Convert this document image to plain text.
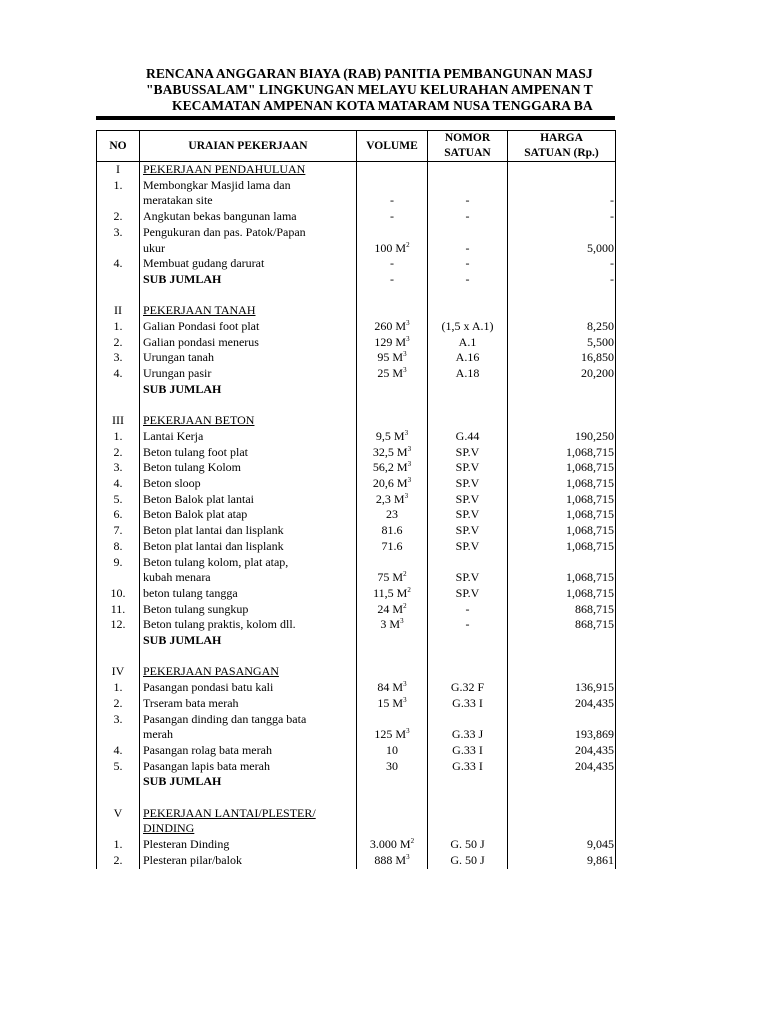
RENCANA ANGGARAN BIAYA (RAB) PANITIA PEMBANGUNAN MASJ
"BABUSSALAM" LINGKUNGAN MELAYU KELURAHAN AMPENAN T
KECAMATAN AMPENAN KOTA MATARAM NUSA TENGGARA BA
NO	URAIAN PEKERJAAN	VOLUME	NOMOR
SATUAN	HARGA
SATUAN (Rp.)
I	PEKERJAAN PENDAHULUAN			
1.	Membongkar Masjid lama dan			
	meratakan site	-	-	-
2.	Angkutan bekas bangunan lama	-	-	-
3.	Pengukuran dan pas. Patok/Papan			
	ukur	100 $M^2$	-	5,000
4.	Membuat gudang darurat	-	-	-
	SUB JUMLAH	-	-	-

II	PEKERJAAN TANAH			
1.	Galian Pondasi foot plat	260 $M^3$	(1,5 x A.1)	8,250
2.	Galian pondasi menerus	129 $M^3$	A.1	5,500
3.	Urungan tanah	95 $M^3$	A.16	16,850
4.	Urungan pasir	25 $M^3$	A.18	20,200
	SUB JUMLAH			

III	PEKERJAAN BETON			
1.	Lantai Kerja	9,5 $M^3$	G.44	190,250
2.	Beton tulang foot plat	32,5 $M^3$	SP.V	1,068,715
3.	Beton tulang Kolom	56,2 $M^3$	SP.V	1,068,715
4.	Beton sloop	20,6 $M^3$	SP.V	1,068,715
5.	Beton Balok plat lantai	2,3 $M^3$	SP.V	1,068,715
6.	Beton Balok plat atap	23	SP.V	1,068,715
7.	Beton plat lantai dan lisplank	81.6	SP.V	1,068,715
8.	Beton plat lantai dan lisplank	71.6	SP.V	1,068,715
9.	Beton tulang kolom, plat atap,			
	kubah menara	75 $M^2$	SP.V	1,068,715
10.	beton tulang tangga	11,5 $M^2$	SP.V	1,068,715
11.	Beton tulang sungkup	24 $M^2$	-	868,715
12.	Beton tulang praktis, kolom dll.	3 $M^3$	-	868,715
	SUB JUMLAH			

IV	PEKERJAAN PASANGAN			
1.	Pasangan pondasi batu kali	84 $M^3$	G.32 F	136,915
2.	Trseram bata merah	15 $M^3$	G.33 I	204,435
3.	Pasangan dinding dan tangga bata			
	merah	125 $M^3$	G.33 J	193,869
4.	Pasangan rolag bata merah	10	G.33 I	204,435
5.	Pasangan lapis bata merah	30	G.33 I	204,435
	SUB JUMLAH			

V	PEKERJAAN LANTAI/PLESTER/			
	DINDING			
1.	Plesteran Dinding	3.000 $M^2$	G. 50 J	9,045
2.	Plesteran pilar/balok	888 $M^3$	G. 50 J	9,861
